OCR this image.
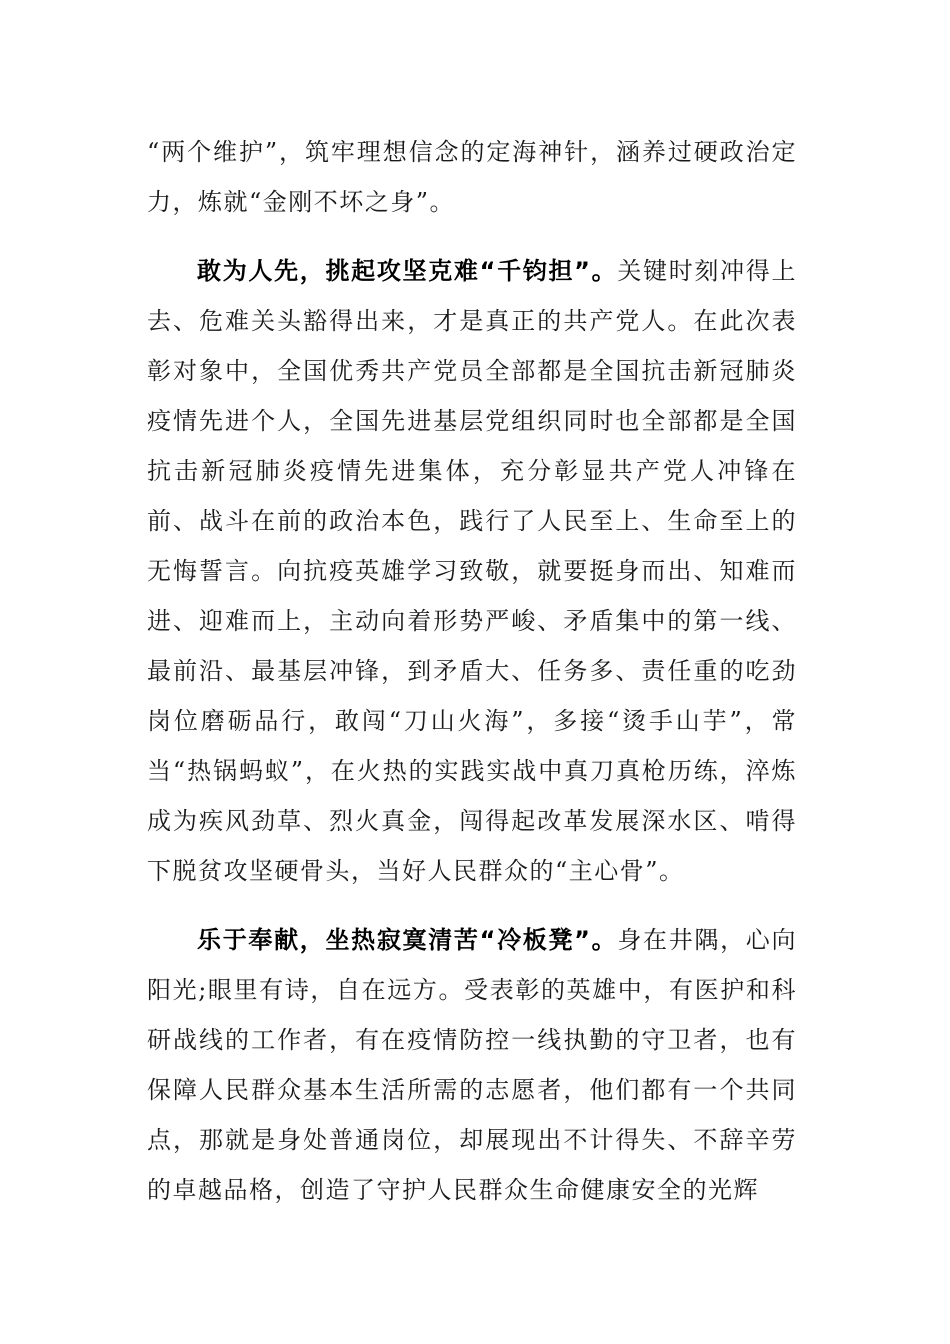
“两个维护”，筑牢理想信念的定海神针，涵养过硬政治定力，炼就“金刚不坏之身”。

敢为人先，挑起攻坚克难“千钧担”。关键时刻冲得上去、危难关头豁得出来，才是真正的共产党人。在此次表彰对象中，全国优秀共产党员全部都是全国抗击新冠肺炎疫情先进个人，全国先进基层党组织同时也全部都是全国抗击新冠肺炎疫情先进集体，充分彰显共产党人冲锋在前、战斗在前的政治本色，践行了人民至上、生命至上的无悔誓言。向抗疫英雄学习致敬，就要挺身而出、知难而进、迎难而上，主动向着形势严峻、矛盾集中的第一线、最前沿、最基层冲锋，到矛盾大、任务多、责任重的吃劲岗位磨砺品行，敢闯“刀山火海”，多接“烫手山芋”，常当“热锅蚂蚁”，在火热的实践实战中真刀真枪历练，淬炼成为疾风劲草、烈火真金，闯得起改革发展深水区、啃得下脱贫攻坚硬骨头，当好人民群众的“主心骨”。

乐于奉献，坐热寂寞清苦“冷板凳”。身在井隅，心向阳光;眼里有诗，自在远方。受表彰的英雄中，有医护和科研战线的工作者，有在疫情防控一线执勤的守卫者，也有保障人民群众基本生活所需的志愿者，他们都有一个共同点，那就是身处普通岗位，却展现出不计得失、不辞辛劳的卓越品格，创造了守护人民群众生命健康安全的光辉
